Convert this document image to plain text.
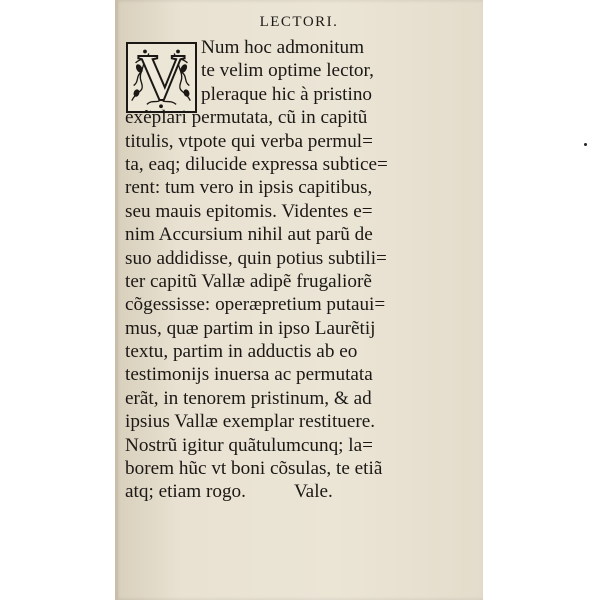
LECTORI.
V Num hoc admonitum
te velim optime lector,
pleraque hic à pristino
exẽplari permutata, cũ in capitũ
titulis, vtpote qui verba permul=
ta, eaq; dilucide expressa subtice=
rent: tum vero in ipsis capitibus,
seu mauis epitomis. Videntes e=
nim Accursium nihil aut parũ de
suo addidisse, quin potius subtili=
ter capitũ Vallæ adipẽ frugaliorẽ
cõgessisse: operæpretium putaui=
mus, quæ partim in ipso Laurẽtij
textu, partim in adductis ab eo
testimonijs inuersa ac permutata
erãt, in tenorem pristinum, & ad
ipsius Vallæ exemplar restituere.
Nostrũ igitur quãtulumcunq; la=
borem hũc vt boni cõsulas, te etiã
atq; etiam rogo.	Vale.
